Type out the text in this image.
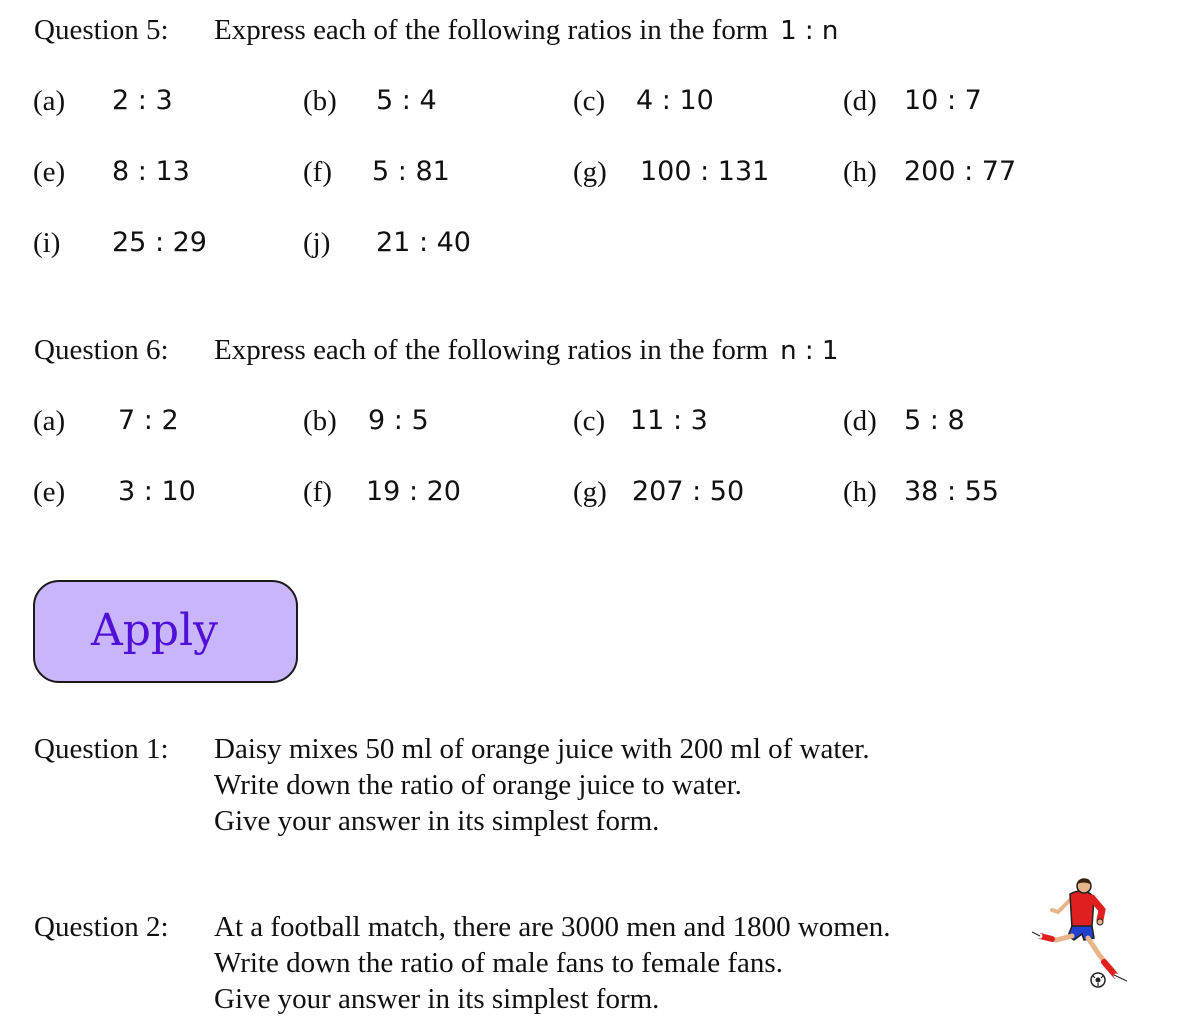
Question 5: Express each of the following ratios in the form 1 : n
(a) 2 : 3	(b) 5 : 4	(c) 4 : 10	(d) 10 : 7
(e) 8 : 13	(f) 5 : 81	(g) 100 : 131	(h) 200 : 77
(i) 25 : 29	(j) 21 : 40
Question 6: Express each of the following ratios in the form n : 1
(a) 7 : 2	(b) 9 : 5	(c) 11 : 3	(d) 5 : 8
(e) 3 : 10	(f) 19 : 20	(g) 207 : 50	(h) 38 : 55
Apply
Question 1: Daisy mixes 50 ml of orange juice with 200 ml of water.
Write down the ratio of orange juice to water.
Give your answer in its simplest form.
Question 2: At a football match, there are 3000 men and 1800 women.
Write down the ratio of male fans to female fans.
Give your answer in its simplest form.
